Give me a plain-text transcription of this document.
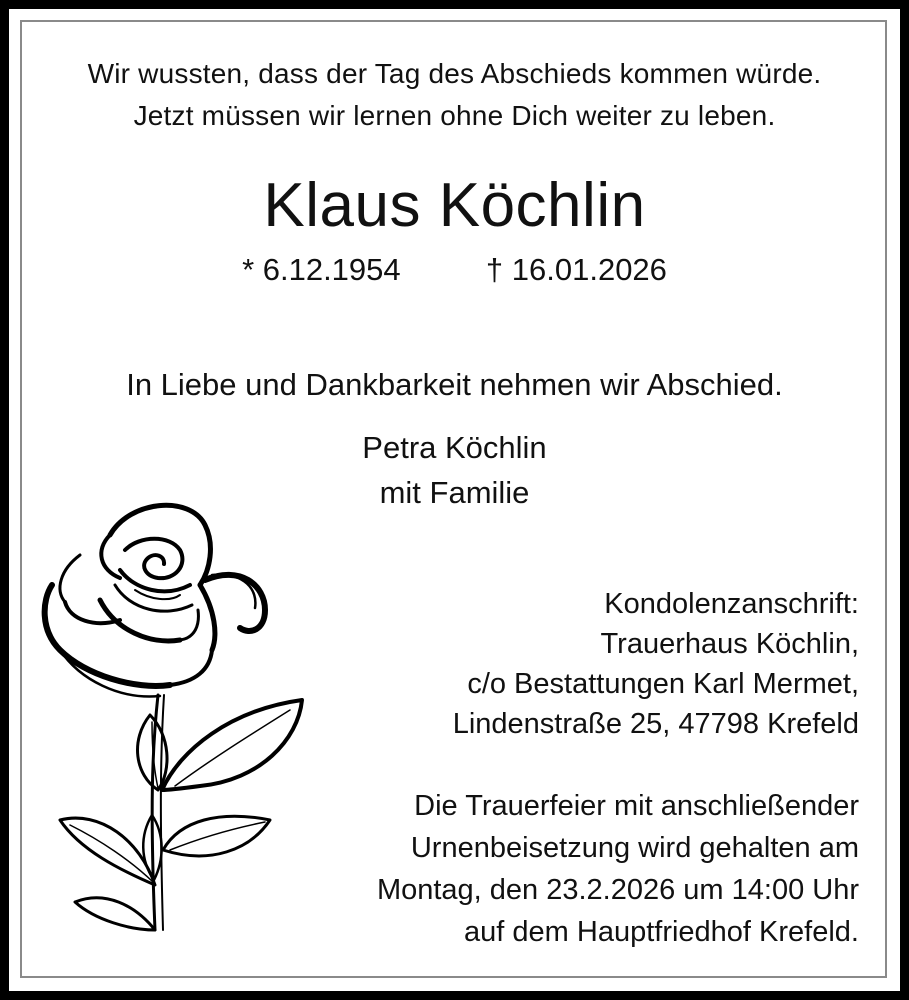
Wir wussten, dass der Tag des Abschieds kommen würde.
Jetzt müssen wir lernen ohne Dich weiter zu leben.
Klaus Köchlin
* 6.12.1954	† 16.01.2026
In Liebe und Dankbarkeit nehmen wir Abschied.
Petra Köchlin
mit Familie
Kondolenzanschrift:
Trauerhaus Köchlin,
c/o Bestattungen Karl Mermet,
Lindenstraße 25, 47798 Krefeld
Die Trauerfeier mit anschließender
Urnenbeisetzung wird gehalten am
Montag, den 23.2.2026 um 14:00 Uhr
auf dem Hauptfriedhof Krefeld.
